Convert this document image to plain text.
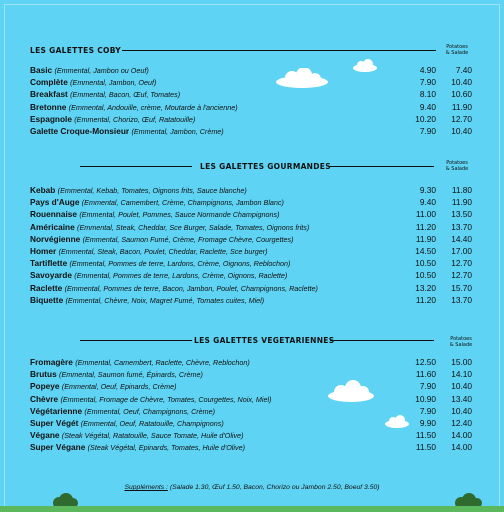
LES GALETTES COBY	Potatoes
& Salade
Basic (Emmental, Jambon ou Oeuf)	4.90 7.40
Complète (Emmental, Jambon, Oeuf)	7.90 10.40
Breakfast (Emmental, Bacon, Œuf, Tomates)	8.10 10.60
Bretonne (Emmental, Andouille, crème, Moutarde à l'ancienne)	9.40 11.90
Espagnole (Emmental, Chorizo, Œuf, Ratatouille)	10.20 12.70
Galette Croque-Monsieur (Emmental, Jambon, Crème)	7.90 10.40
LES GALETTES GOURMANDES	Potatoes
& Salade
Kebab (Emmental, Kebab, Tomates, Oignons frits, Sauce blanche)	9.30 11.80
Pays d'Auge (Emmental, Camembert, Crème, Champignons, Jambon Blanc)	9.40 11.90
Rouennaise (Emmental, Poulet, Pommes, Sauce Normande Champignons)	11.00 13.50
Américaine (Emmental, Steak, Cheddar, Sce Burger, Salade, Tomates, Oignons frits)	11.20 13.70
Norvégienne (Emmental, Saumon Fumé, Crème, Fromage Chèvre, Courgettes)	11.90 14.40
Homer (Emmental, Steak, Bacon, Poulet, Cheddar, Raclette, Sce burger)	14.50 17.00
Tartiflette (Emmental, Pommes de terre, Lardons, Crème, Oignons, Reblochon)	10.50 12.70
Savoyarde (Emmental, Pommes de terre, Lardons, Crème, Oignons, Raclette)	10.50 12.70
Raclette (Emmental, Pommes de terre, Bacon, Jambon, Poulet, Champignons, Raclette)	13.20 15.70
Biquette (Emmental, Chèvre, Noix, Magret Fumé, Tomates cuites, Miel)	11.20 13.70
LES GALETTES VEGETARIENNES	Potatoes
& Salade
Fromagère (Emmental, Camembert, Raclette, Chèvre, Reblochon)	12.50 15.00
Brutus (Emmental, Saumon fumé, Épinards, Crème)	11.60 14.10
Popeye (Emmental, Oeuf, Epinards, Crème)	7.90 10.40
Chèvre (Emmental, Fromage de Chèvre, Tomates, Courgettes, Noix, Miel)	10.90 13.40
Végétarienne (Emmental, Oeuf, Champignons, Crème)	7.90 10.40
Super Végét (Emmental, Oeuf, Ratatouille, Champignons)	9.90 12.40
Végane (Steak Végétal, Ratatouille, Sauce Tomate, Huile d'Olive)	11.50 14.00
Super Végane (Steak Végétal, Epinards, Tomates, Huile d'Olive)	11.50 14.00
Suppléments : (Salade 1.30, Œuf 1.50, Bacon, Chorizo ou Jambon 2.50, Boeuf 3.50)
